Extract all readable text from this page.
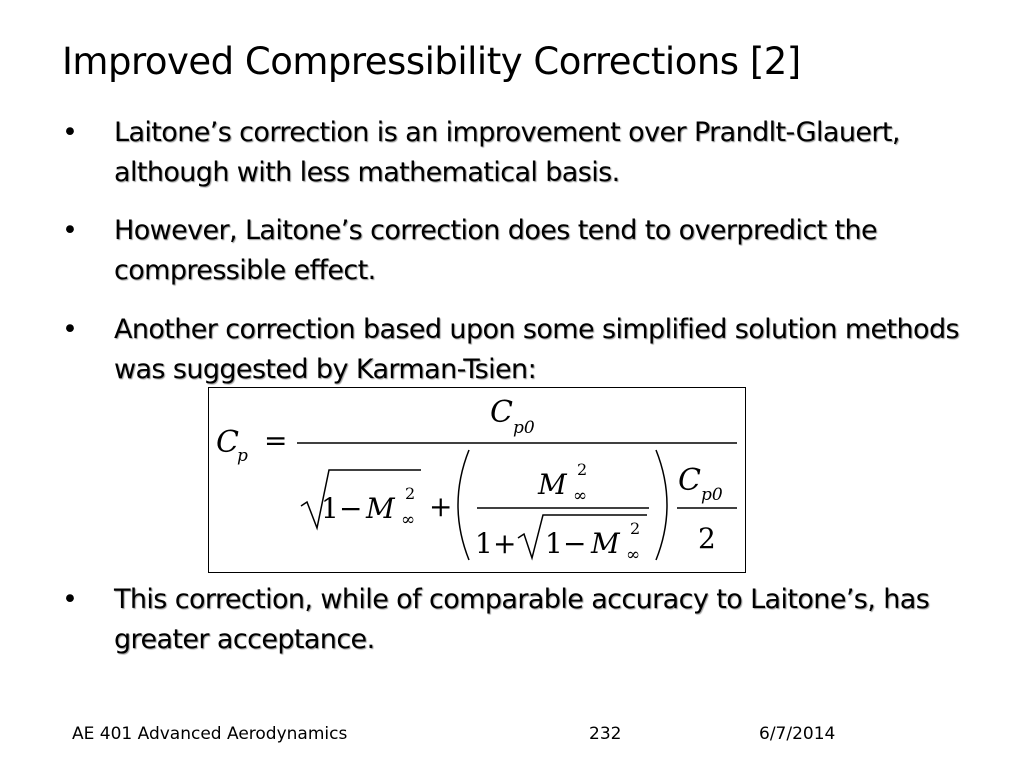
Improved Compressibility Corrections [2]
• Laitone’s correction is an improvement over Prandlt-Glauert, although with less mathematical basis.
• However, Laitone’s correction does tend to overpredict the compressible effect.
• Another correction based upon some simplified solution methods was suggested by Karman-Tsien:
• This correction, while of comparable accuracy to Laitone’s, has greater acceptance.
C
p =
C p0
1 − M 2
∞ +
M 2
∞
1 + 1 − M 2
∞
C p0
2
AE 401 Advanced Aerodynamics	232	6/7/2014
